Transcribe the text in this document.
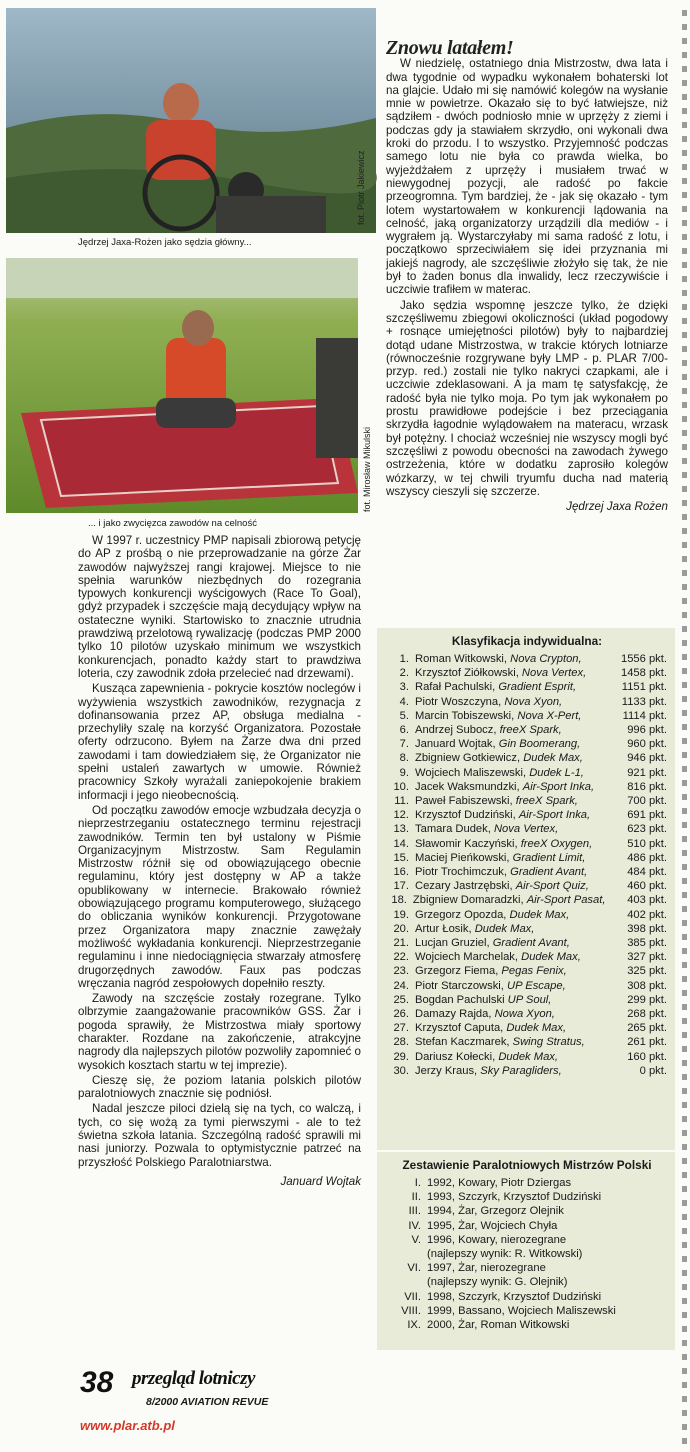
fot. Piotr Jakiewicz
Jędrzej Jaxa-Rożen jako sędzia główny...
fot. Mirosław Mikulski
... i jako zwycięzca zawodów na celność
Znowu latałem!

W niedzielę, ostatniego dnia Mistrzostw, dwa lata i dwa tygodnie od wypadku wykonałem bohaterski lot na glajcie. Udało mi się namówić kolegów na wysłanie mnie w powietrze. Okazało się to być łatwiejsze, niż sądziłem - dwóch podniosło mnie w uprzęży z ziemi i podczas gdy ja stawiałem skrzydło, oni wykonali dwa kroki do przodu. I to wszystko. Przyjemność podczas samego lotu nie była co prawda wielka, bo wyjeżdżałem z uprzęży i musiałem trwać w niewygodnej pozycji, ale radość po fakcie przeogromna. Tym bardziej, że - jak się okazało - tym lotem wystartowałem w konkurencji lądowania na celność, jaką organizatorzy urządzili dla mediów - i wygrałem ją. Wystarczyłaby mi sama radość z lotu, i początkowo sprzeciwiałem się idei przyznania mi jakiejś nagrody, ale szczęśliwie złożyło się tak, że nie był to żaden bonus dla inwalidy, lecz rzeczywiście i uczciwie trafiłem w materac.

Jako sędzia wspomnę jeszcze tylko, że dzięki szczęśliwemu zbiegowi okoliczności (układ pogodowy + rosnące umiejętności pilotów) były to najbardziej dotąd udane Mistrzostwa, w trakcie których lotniarze (równocześnie rozgrywane były LMP - p. PLAR 7/00- przyp. red.) zostali nie tylko nakryci czapkami, ale i uczciwie zdeklasowani. A ja mam tę satysfakcję, że radość była nie tylko moja. Po tym jak wykonałem po prostu prawidłowe podejście i bez przeciągania skrzydła łagodnie wylądowałem na materacu, wrzask był potężny. I chociaż wcześniej nie wszyscy mogli być szczęśliwi z powodu obecności na zawodach żywego ostrzeżenia, które w dodatku zaprosiło kolegów wózkarzy, w tej chwili tryumfu ducha nad materią wszyscy cieszyli się szczerze.

Jędrzej Jaxa Rożen

W 1997 r. uczestnicy PMP napisali zbiorową petycję do AP z prośbą o nie przeprowadzanie na górze Żar zawodów najwyższej rangi krajowej. Miejsce to nie spełnia warunków niezbędnych do rozegrania typowych konkurencji wyścigowych (Race To Goal), gdyż przypadek i szczęście mają decydujący wpływ na ostateczne wyniki. Startowisko to znacznie utrudnia prawdziwą przelotową rywalizację (podczas PMP 2000 tylko 10 pilotów uzyskało minimum we wszystkich konkurencjach, ponadto każdy start to prawdziwa loteria, czy zawodnik zdoła przelecieć nad drzewami).

Kusząca zapewnienia - pokrycie kosztów noclegów i wyżywienia wszystkich zawodników, rezygnacja z dofinansowania przez AP, obsługa medialna - przechyliły szalę na korzyść Organizatora. Pozostałe oferty odrzucono. Byłem na Żarze dwa dni przed zawodami i tam dowiedziałem się, że Organizator nie spełni ustaleń zawartych w umowie. Również pracownicy Szkoły wyrażali zaniepokojenie brakiem informacji i jego nieobecnością.

Od początku zawodów emocje wzbudzała decyzja o nieprzestrzeganiu ostatecznego terminu rejestracji zawodników. Termin ten był ustalony w Piśmie Organizacyjnym Mistrzostw. Sam Regulamin Mistrzostw różnił się od obowiązującego obecnie regulaminu, który jest dostępny w AP a także opublikowany w internecie. Brakowało również obowiązującego programu komputerowego, służącego do obliczania wyników konkurencji. Przygotowane przez Organizatora mapy znacznie zawężały możliwość wykładania konkurencji. Nieprzestrzeganie regulaminu i inne niedociągnięcia stwarzały atmosferę drugorzędnych zawodów. Faux pas podczas wręczania nagród zespołowych dopełniło reszty.

Zawody na szczęście zostały rozegrane. Tylko olbrzymie zaangażowanie pracowników GSS. Żar i pogoda sprawiły, że Mistrzostwa miały sportowy charakter. Rozdane na zakończenie, atrakcyjne nagrody dla najlepszych pilotów pozwoliły zapomnieć o wysokich kosztach startu w tej imprezie).

Cieszę się, że poziom latania polskich pilotów paralotniowych znacznie się podniósł.

Nadal jeszcze piloci dzielą się na tych, co walczą, i tych, co się wożą za tymi pierwszymi - ale to też świetna szkoła latania. Szczególną radość sprawili mi nasi juniorzy. Pozwala to optymistycznie patrzeć na przyszłość Polskiego Paralotniarstwa.

Januard Wojtak
Klasyfikacja indywidualna:
1. Roman Witkowski, Nova Crypton,	1556 pkt.
2. Krzysztof Ziółkowski, Nova Vertex,	1458 pkt.
3. Rafał Pachulski, Gradient Esprit,	1151 pkt.
4. Piotr Woszczyna, Nova Xyon,	1133 pkt.
5. Marcin Tobiszewski, Nova X-Pert,	1114 pkt.
6. Andrzej Subocz, freeX Spark,	996 pkt.
7. Januard Wojtak, Gin Boomerang,	960 pkt.
8. Zbigniew Gotkiewicz, Dudek Max,	946 pkt.
9. Wojciech Maliszewski, Dudek L-1,	921 pkt.
10. Jacek Waksmundzki, Air-Sport Inka,	816 pkt.
11. Paweł Fabiszewski, freeX Spark,	700 pkt.
12. Krzysztof Dudziński, Air-Sport Inka,	691 pkt.
13. Tamara Dudek, Nova Vertex,	623 pkt.
14. Sławomir Kaczyński, freeX Oxygen,	510 pkt.
15. Maciej Pieńkowski, Gradient Limit,	486 pkt.
16. Piotr Trochimczuk, Gradient Avant,	484 pkt.
17. Cezary Jastrzębski, Air-Sport Quiz,	460 pkt.
18. Zbigniew Domaradzki, Air-Sport Pasat,	403 pkt.
19. Grzegorz Opozda, Dudek Max,	402 pkt.
20. Artur Łosik, Dudek Max,	398 pkt.
21. Lucjan Gruziel, Gradient Avant,	385 pkt.
22. Wojciech Marchelak, Dudek Max,	327 pkt.
23. Grzegorz Fiema, Pegas Fenix,	325 pkt.
24. Piotr Starczowski, UP Escape,	308 pkt.
25. Bogdan Pachulski UP Soul,	299 pkt.
26. Damazy Rajda, Nowa Xyon,	268 pkt.
27. Krzysztof Caputa, Dudek Max,	265 pkt.
28. Stefan Kaczmarek, Swing Stratus,	261 pkt.
29. Dariusz Kołecki, Dudek Max,	160 pkt.
30. Jerzy Kraus, Sky Paragliders,	0 pkt.
Zestawienie Paralotniowych Mistrzów Polski
I. 1992, Kowary, Piotr Dziergas
II. 1993, Szczyrk, Krzysztof Dudziński
III. 1994, Żar, Grzegorz Olejnik
IV. 1995, Żar, Wojciech Chyła
V. 1996, Kowary, nierozegrane
(najlepszy wynik: R. Witkowski)
VI. 1997, Żar, nierozegrane
(najlepszy wynik: G. Olejnik)
VII. 1998, Szczyrk, Krzysztof Dudziński
VIII. 1999, Bassano, Wojciech Maliszewski
IX. 2000, Żar, Roman Witkowski
38 przegląd lotniczy
8/2000 AVIATION REVUE
www.plar.atb.pl
